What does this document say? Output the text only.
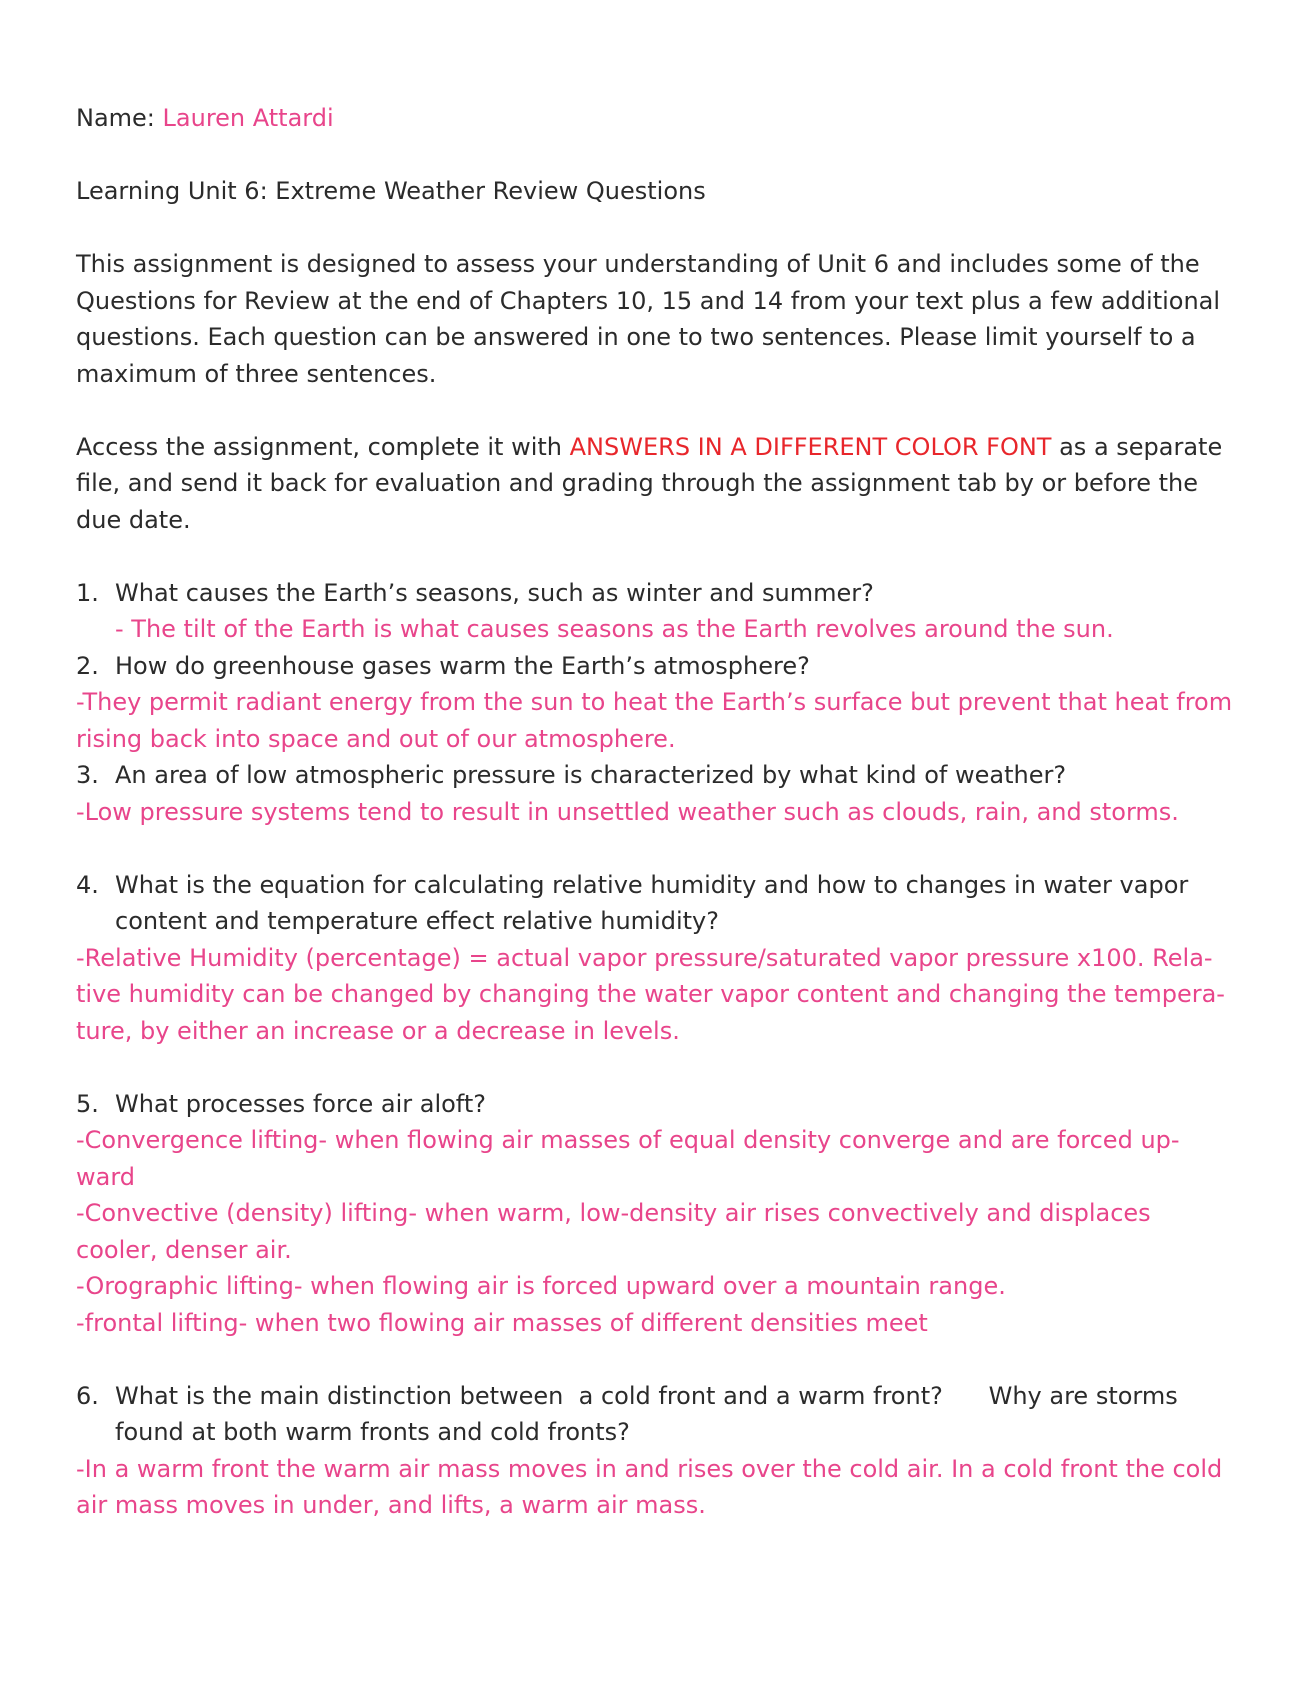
Name: Lauren Attardi
Learning Unit 6: Extreme Weather Review Questions
This assignment is designed to assess your understanding of Unit 6 and includes some of the Questions for Review at the end of Chapters 10, 15 and 14 from your text plus a few additional questions. Each question can be answered in one to two sentences. Please limit yourself to a maximum of three sentences.
Access the assignment, complete it with ANSWERS IN A DIFFERENT COLOR FONT as a separate file, and send it back for evaluation and grading through the assignment tab by or before the due date.
1. What causes the Earth’s seasons, such as winter and summer?
- The tilt of the Earth is what causes seasons as the Earth revolves around the sun.
2. How do greenhouse gases warm the Earth’s atmosphere?
-They permit radiant energy from the sun to heat the Earth’s surface but prevent that heat from rising back into space and out of our atmosphere.
3. An area of low atmospheric pressure is characterized by what kind of weather?
-Low pressure systems tend to result in unsettled weather such as clouds, rain, and storms.
4. What is the equation for calculating relative humidity and how to changes in water vapor content and temperature effect relative humidity?
-Relative Humidity (percentage) = actual vapor pressure/saturated vapor pressure x100. Rela-tive humidity can be changed by changing the water vapor content and changing the tempera-ture, by either an increase or a decrease in levels.
5. What processes force air aloft?
-Convergence lifting- when flowing air masses of equal density converge and are forced up-ward
-Convective (density) lifting- when warm, low-density air rises convectively and displaces cooler, denser air.
-Orographic lifting- when flowing air is forced upward over a mountain range.
-frontal lifting- when two flowing air masses of different densities meet
6. What is the main distinction between  a cold front and a warm front?      Why are storms found at both warm fronts and cold fronts?
-In a warm front the warm air mass moves in and rises over the cold air. In a cold front the cold air mass moves in under, and lifts, a warm air mass.
